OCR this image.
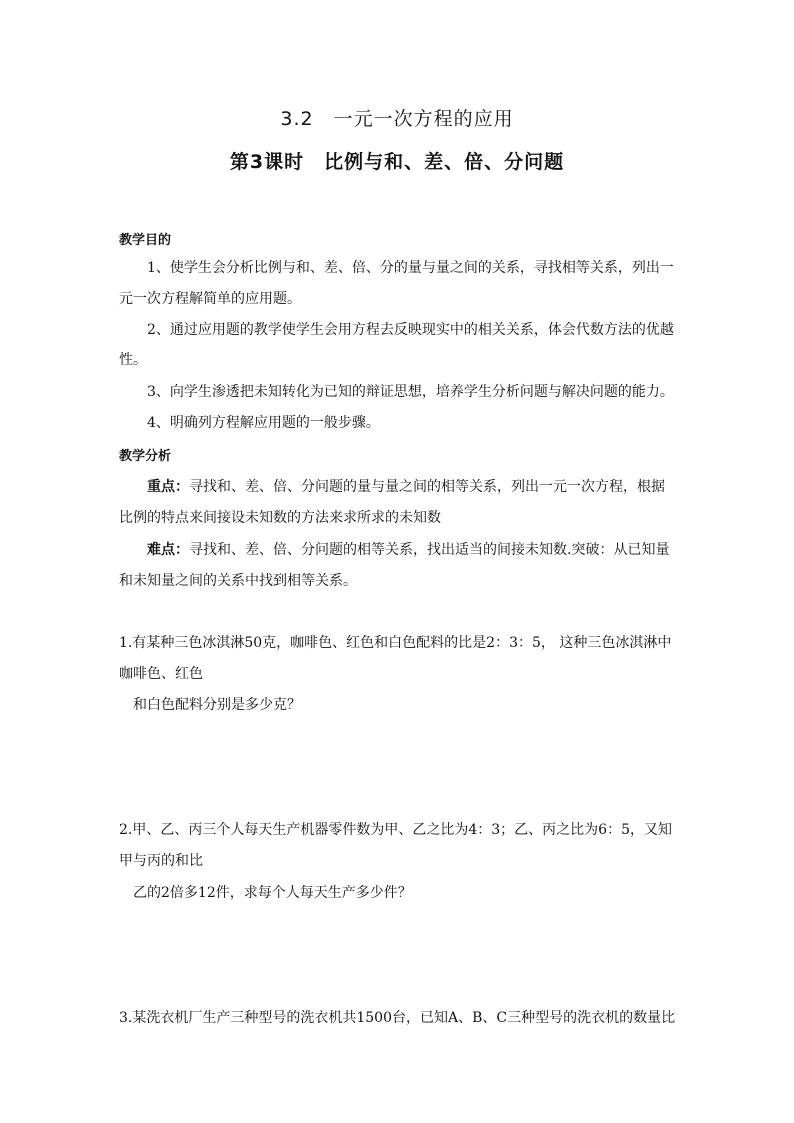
3.2　一元一次方程的应用
第3课时　比例与和、差、倍、分问题
教学目的
1、使学生会分析比例与和、差、倍、分的量与量之间的关系，寻找相等关系，列出一
元一次方程解简单的应用题。
2、通过应用题的教学使学生会用方程去反映现实中的相关关系，体会代数方法的优越
性。
3、向学生渗透把未知转化为已知的辩证思想，培养学生分析问题与解决问题的能力。
4、明确列方程解应用题的一般步骤。
教学分析
重点：寻找和、差、倍、分问题的量与量之间的相等关系，列出一元一次方程，根据
比例的特点来间接设未知数的方法来求所求的未知数
难点：寻找和、差、倍、分问题的相等关系，找出适当的间接未知数.突破：从已知量
和未知量之间的关系中找到相等关系。
1.有某种三色冰淇淋50克，咖啡色、红色和白色配料的比是2：3：5， 这种三色冰淇淋中
咖啡色、红色
和白色配料分别是多少克？
2.甲、乙、丙三个人每天生产机器零件数为甲、乙之比为4：3；乙、丙之比为6：5，又知
甲与丙的和比
乙的2倍多12件，求每个人每天生产多少件？
3.某洗衣机厂生产三种型号的洗衣机共1500台，已知A、B、C三种型号的洗衣机的数量比
